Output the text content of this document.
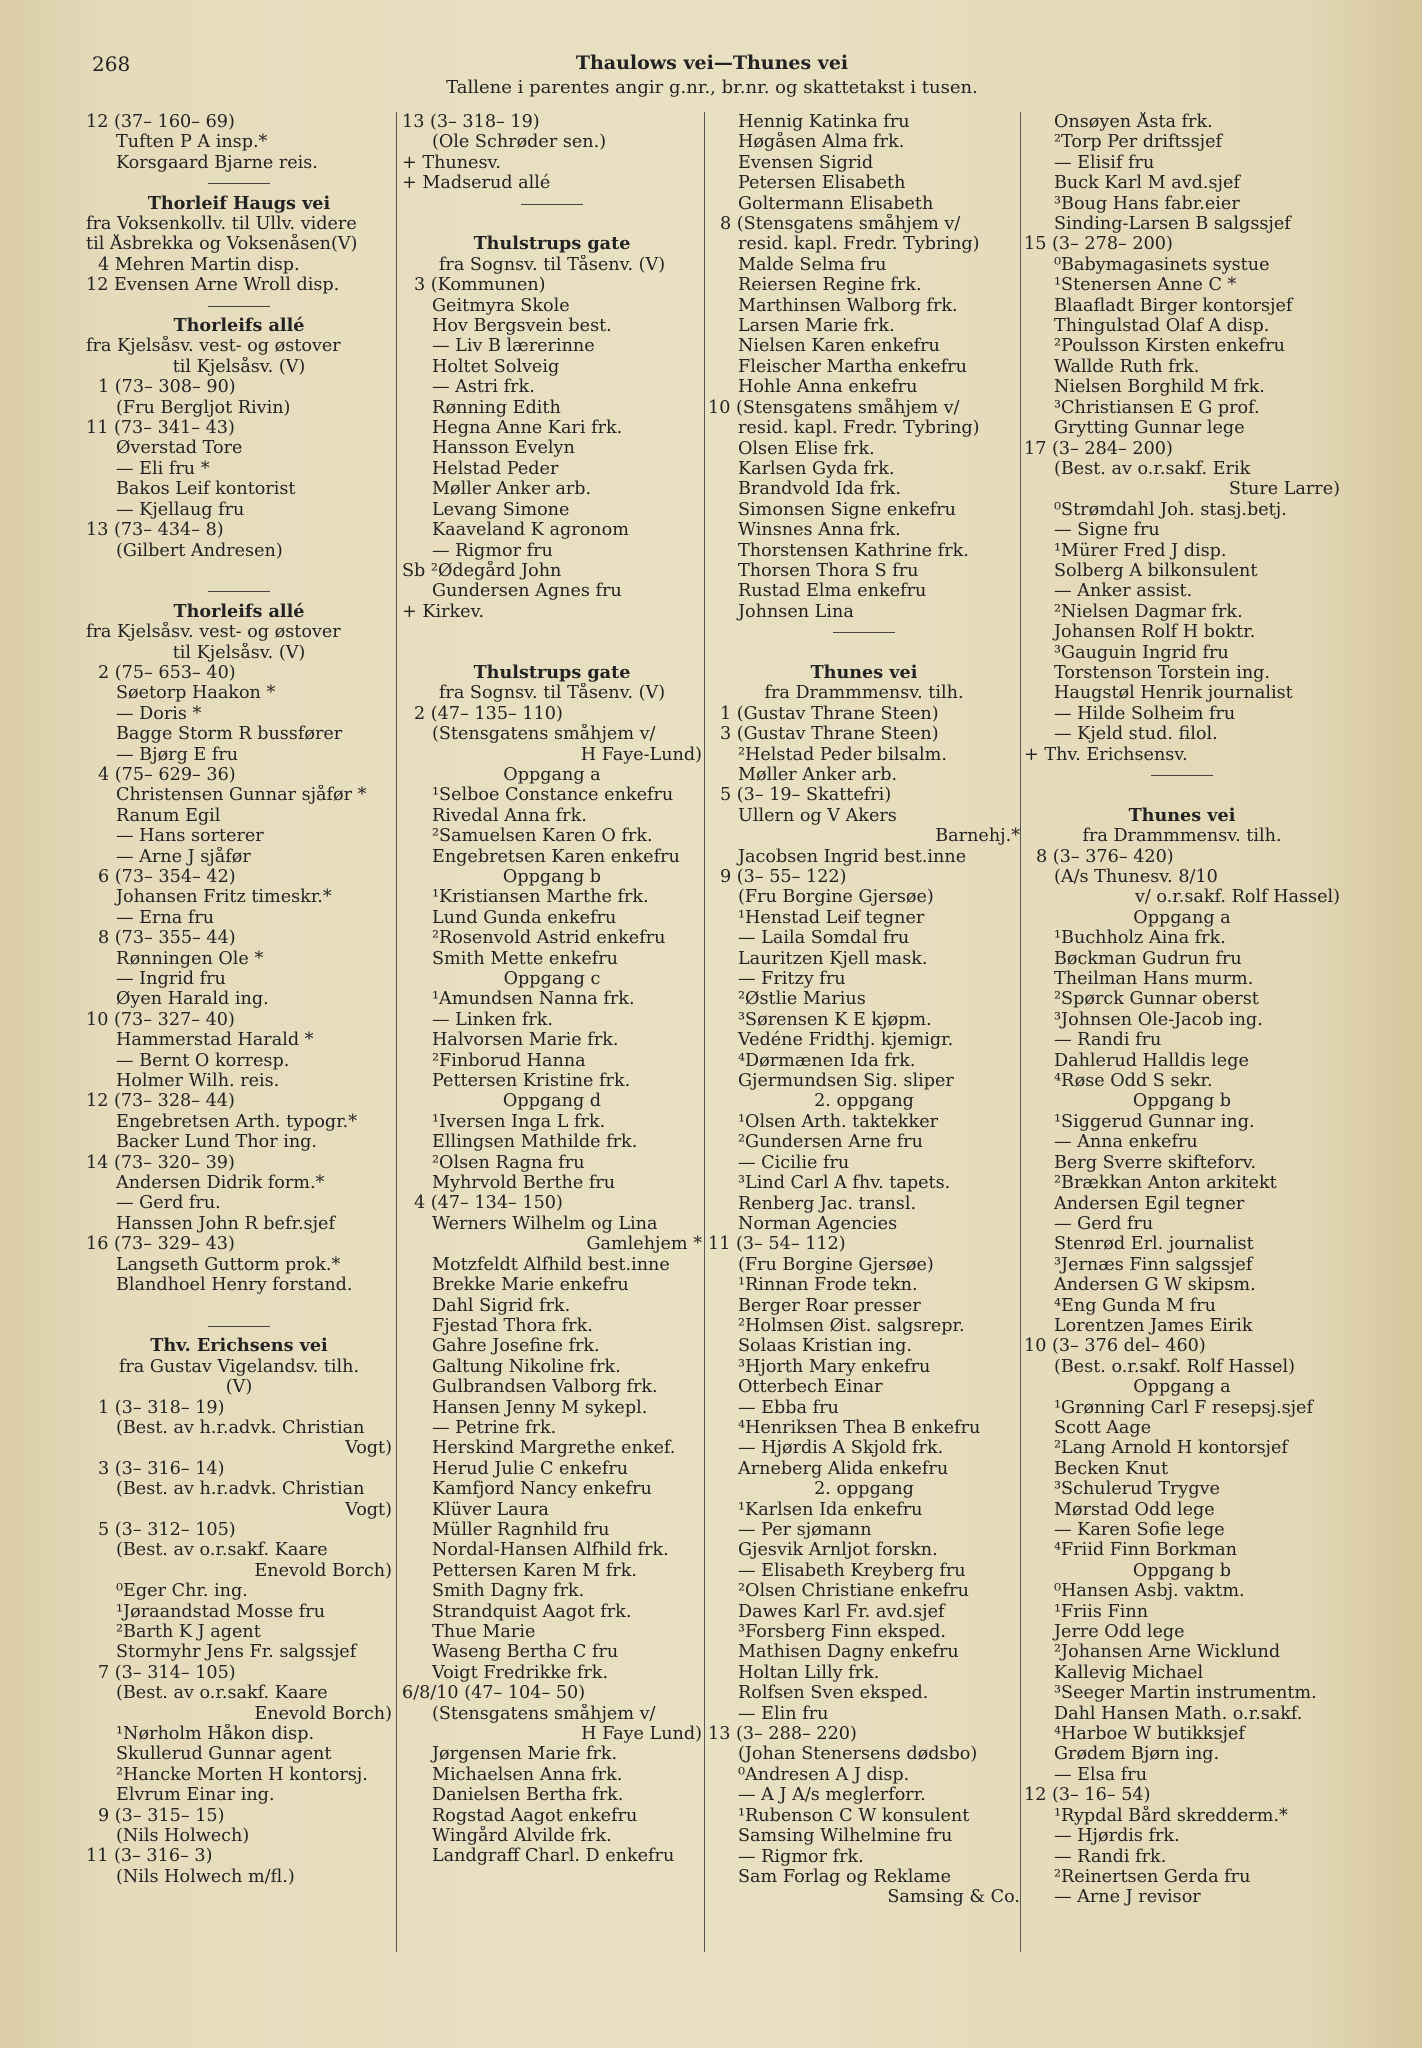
268	Thaulows vei—Thunes vei
Tallene i parentes angir g.nr., br.nr. og skattetakst i tusen.
12 (37– 160– 69)
Tuften P A insp.*
Korsgaard Bjarne reis.
Thorleif Haugs vei
fra Voksenkollv. til Ullv. videre
til Åsbrekka og Voksenåsen(V)
4 Mehren Martin disp.
12 Evensen Arne Wroll disp.
Thorleifs allé
fra Kjelsåsv. vest- og østover
til Kjelsåsv. (V)
1 (73– 308– 90)
(Fru Bergljot Rivin)
11 (73– 341– 43)
Øverstad Tore
— Eli fru *
Bakos Leif kontorist
— Kjellaug fru
13 (73– 434– 8)
(Gilbert Andresen)
Thorleifs allé
fra Kjelsåsv. vest- og østover
til Kjelsåsv. (V)
2 (75– 653– 40)
Søetorp Haakon *
— Doris *
Bagge Storm R bussfører
— Bjørg E fru
4 (75– 629– 36)
Christensen Gunnar sjåfør *
Ranum Egil
— Hans sorterer
— Arne J sjåfør
6 (73– 354– 42)
Johansen Fritz timeskr.*
— Erna fru
8 (73– 355– 44)
Rønningen Ole *
— Ingrid fru
Øyen Harald ing.
10 (73– 327– 40)
Hammerstad Harald *
— Bernt O korresp.
Holmer Wilh. reis.
12 (73– 328– 44)
Engebretsen Arth. typogr.*
Backer Lund Thor ing.
14 (73– 320– 39)
Andersen Didrik form.*
— Gerd fru.
Hanssen John R befr.sjef
16 (73– 329– 43)
Langseth Guttorm prok.*
Blandhoel Henry forstand.
Thv. Erichsens vei
fra Gustav Vigelandsv. tilh.
(V)
1 (3– 318– 19)
(Best. av h.r.advk. Christian
Vogt)
3 (3– 316– 14)
(Best. av h.r.advk. Christian
Vogt)
5 (3– 312– 105)
(Best. av o.r.sakf. Kaare
Enevold Borch)
⁰Eger Chr. ing.
¹Jøraandstad Mosse fru
²Barth K J agent
Stormyhr Jens Fr. salgssjef
7 (3– 314– 105)
(Best. av o.r.sakf. Kaare
Enevold Borch)
¹Nørholm Håkon disp.
Skullerud Gunnar agent
²Hancke Morten H kontorsj.
Elvrum Einar ing.
9 (3– 315– 15)
(Nils Holwech)
11 (3– 316– 3)
(Nils Holwech m/fl.)
13 (3– 318– 19)
(Ole Schrøder sen.)
+ Thunesv.
+ Madserud allé
Thulstrups gate
fra Sognsv. til Tåsenv. (V)
3 (Kommunen)
Geitmyra Skole
Hov Bergsvein best.
— Liv B lærerinne
Holtet Solveig
— Astri frk.
Rønning Edith
Hegna Anne Kari frk.
Hansson Evelyn
Helstad Peder
Møller Anker arb.
Levang Simone
Kaaveland K agronom
— Rigmor fru
Sb ²Ødegård John
Gundersen Agnes fru
+ Kirkev.
Thulstrups gate
fra Sognsv. til Tåsenv. (V)
2 (47– 135– 110)
(Stensgatens småhjem v/
H Faye-Lund)
Oppgang a
¹Selboe Constance enkefru
Rivedal Anna frk.
²Samuelsen Karen O frk.
Engebretsen Karen enkefru
Oppgang b
¹Kristiansen Marthe frk.
Lund Gunda enkefru
²Rosenvold Astrid enkefru
Smith Mette enkefru
Oppgang c
¹Amundsen Nanna frk.
— Linken frk.
Halvorsen Marie frk.
²Finborud Hanna
Pettersen Kristine frk.
Oppgang d
¹Iversen Inga L frk.
Ellingsen Mathilde frk.
²Olsen Ragna fru
Myhrvold Berthe fru
4 (47– 134– 150)
Werners Wilhelm og Lina
Gamlehjem *
Motzfeldt Alfhild best.inne
Brekke Marie enkefru
Dahl Sigrid frk.
Fjestad Thora frk.
Gahre Josefine frk.
Galtung Nikoline frk.
Gulbrandsen Valborg frk.
Hansen Jenny M sykepl.
— Petrine frk.
Herskind Margrethe enkef.
Herud Julie C enkefru
Kamfjord Nancy enkefru
Klüver Laura
Müller Ragnhild fru
Nordal-Hansen Alfhild frk.
Pettersen Karen M frk.
Smith Dagny frk.
Strandquist Aagot frk.
Thue Marie
Waseng Bertha C fru
Voigt Fredrikke frk.
6/8/10 (47– 104– 50)
(Stensgatens småhjem v/
H Faye Lund)
Jørgensen Marie frk.
Michaelsen Anna frk.
Danielsen Bertha frk.
Rogstad Aagot enkefru
Wingård Alvilde frk.
Landgraff Charl. D enkefru
Hennig Katinka fru
Høgåsen Alma frk.
Evensen Sigrid
Petersen Elisabeth
Goltermann Elisabeth
8 (Stensgatens småhjem v/
resid. kapl. Fredr. Tybring)
Malde Selma fru
Reiersen Regine frk.
Marthinsen Walborg frk.
Larsen Marie frk.
Nielsen Karen enkefru
Fleischer Martha enkefru
Hohle Anna enkefru
10 (Stensgatens småhjem v/
resid. kapl. Fredr. Tybring)
Olsen Elise frk.
Karlsen Gyda frk.
Brandvold Ida frk.
Simonsen Signe enkefru
Winsnes Anna frk.
Thorstensen Kathrine frk.
Thorsen Thora S fru
Rustad Elma enkefru
Johnsen Lina
Thunes vei
fra Drammmensv. tilh.
1 (Gustav Thrane Steen)
3 (Gustav Thrane Steen)
²Helstad Peder bilsalm.
Møller Anker arb.
5 (3– 19– Skattefri)
Ullern og V Akers
Barnehj.*
Jacobsen Ingrid best.inne
9 (3– 55– 122)
(Fru Borgine Gjersøe)
¹Henstad Leif tegner
— Laila Somdal fru
Lauritzen Kjell mask.
— Fritzy fru
²Østlie Marius
³Sørensen K E kjøpm.
Vedéne Fridthj. kjemigr.
⁴Dørmænen Ida frk.
Gjermundsen Sig. sliper
2. oppgang
¹Olsen Arth. taktekker
²Gundersen Arne fru
— Cicilie fru
³Lind Carl A fhv. tapets.
Renberg Jac. transl.
Norman Agencies
11 (3– 54– 112)
(Fru Borgine Gjersøe)
¹Rinnan Frode tekn.
Berger Roar presser
²Holmsen Øist. salgsrepr.
Solaas Kristian ing.
³Hjorth Mary enkefru
Otterbech Einar
— Ebba fru
⁴Henriksen Thea B enkefru
— Hjørdis A Skjold frk.
Arneberg Alida enkefru
2. oppgang
¹Karlsen Ida enkefru
— Per sjømann
Gjesvik Arnljot forskn.
— Elisabeth Kreyberg fru
²Olsen Christiane enkefru
Dawes Karl Fr. avd.sjef
³Forsberg Finn eksped.
Mathisen Dagny enkefru
Holtan Lilly frk.
Rolfsen Sven eksped.
— Elin fru
13 (3– 288– 220)
(Johan Stenersens dødsbo)
⁰Andresen A J disp.
— A J A/s meglerforr.
¹Rubenson C W konsulent
Samsing Wilhelmine fru
— Rigmor frk.
Sam Forlag og Reklame
Samsing & Co.
Onsøyen Åsta frk.
²Torp Per driftssjef
— Elisif fru
Buck Karl M avd.sjef
³Boug Hans fabr.eier
Sinding-Larsen B salgssjef
15 (3– 278– 200)
⁰Babymagasinets systue
¹Stenersen Anne C *
Blaafladt Birger kontorsjef
Thingulstad Olaf A disp.
²Poulsson Kirsten enkefru
Wallde Ruth frk.
Nielsen Borghild M frk.
³Christiansen E G prof.
Grytting Gunnar lege
17 (3– 284– 200)
(Best. av o.r.sakf. Erik
Sture Larre)
⁰Strømdahl Joh. stasj.betj.
— Signe fru
¹Mürer Fred J disp.
Solberg A bilkonsulent
— Anker assist.
²Nielsen Dagmar frk.
Johansen Rolf H boktr.
³Gauguin Ingrid fru
Torstenson Torstein ing.
Haugstøl Henrik journalist
— Hilde Solheim fru
— Kjeld stud. filol.
+ Thv. Erichsensv.
Thunes vei
fra Drammmensv. tilh.
8 (3– 376– 420)
(A/s Thunesv. 8/10
v/ o.r.sakf. Rolf Hassel)
Oppgang a
¹Buchholz Aina frk.
Bøckman Gudrun fru
Theilman Hans murm.
²Spørck Gunnar oberst
³Johnsen Ole-Jacob ing.
— Randi fru
Dahlerud Halldis lege
⁴Røse Odd S sekr.
Oppgang b
¹Siggerud Gunnar ing.
— Anna enkefru
Berg Sverre skifteforv.
²Brækkan Anton arkitekt
Andersen Egil tegner
— Gerd fru
Stenrød Erl. journalist
³Jernæs Finn salgssjef
Andersen G W skipsm.
⁴Eng Gunda M fru
Lorentzen James Eirik
10 (3– 376 del– 460)
(Best. o.r.sakf. Rolf Hassel)
Oppgang a
¹Grønning Carl F resepsj.sjef
Scott Aage
²Lang Arnold H kontorsjef
Becken Knut
³Schulerud Trygve
Mørstad Odd lege
— Karen Sofie lege
⁴Friid Finn Borkman
Oppgang b
⁰Hansen Asbj. vaktm.
¹Friis Finn
Jerre Odd lege
²Johansen Arne Wicklund
Kallevig Michael
³Seeger Martin instrumentm.
Dahl Hansen Math. o.r.sakf.
⁴Harboe W butikksjef
Grødem Bjørn ing.
— Elsa fru
12 (3– 16– 54)
¹Rypdal Bård skredderm.*
— Hjørdis frk.
— Randi frk.
²Reinertsen Gerda fru
— Arne J revisor
